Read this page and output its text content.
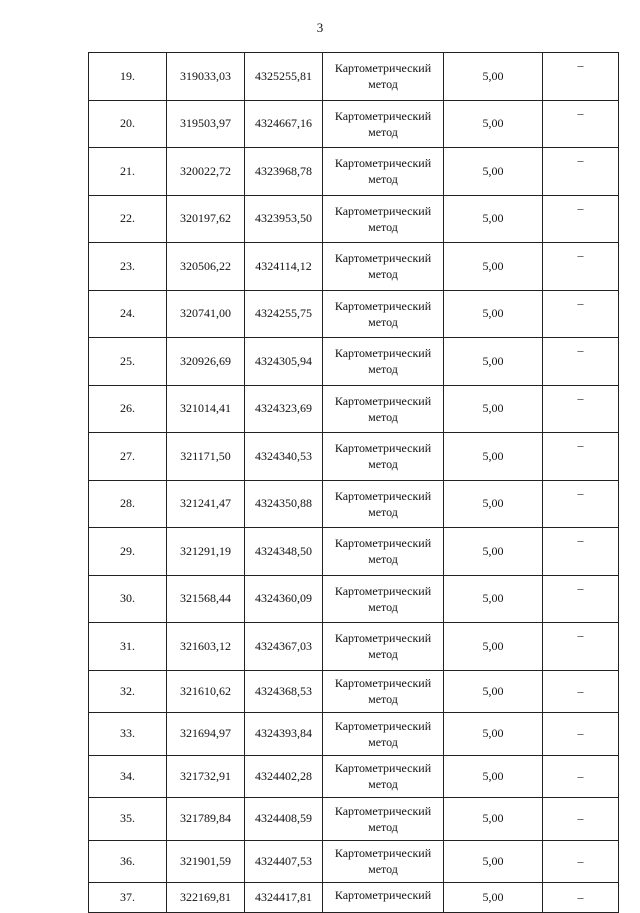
3
19.	319033,03	4325255,81	Картометрический метод	5,00	–
20.	319503,97	4324667,16	Картометрический метод	5,00	–
21.	320022,72	4323968,78	Картометрический метод	5,00	–
22.	320197,62	4323953,50	Картометрический метод	5,00	–
23.	320506,22	4324114,12	Картометрический метод	5,00	–
24.	320741,00	4324255,75	Картометрический метод	5,00	–
25.	320926,69	4324305,94	Картометрический метод	5,00	–
26.	321014,41	4324323,69	Картометрический метод	5,00	–
27.	321171,50	4324340,53	Картометрический метод	5,00	–
28.	321241,47	4324350,88	Картометрический метод	5,00	–
29.	321291,19	4324348,50	Картометрический метод	5,00	–
30.	321568,44	4324360,09	Картометрический метод	5,00	–
31.	321603,12	4324367,03	Картометрический метод	5,00	–
32.	321610,62	4324368,53	Картометрический метод	5,00	–
33.	321694,97	4324393,84	Картометрический метод	5,00	–
34.	321732,91	4324402,28	Картометрический метод	5,00	–
35.	321789,84	4324408,59	Картометрический метод	5,00	–
36.	321901,59	4324407,53	Картометрический метод	5,00	–
37.	322169,81	4324417,81	Картометрический	5,00	–
